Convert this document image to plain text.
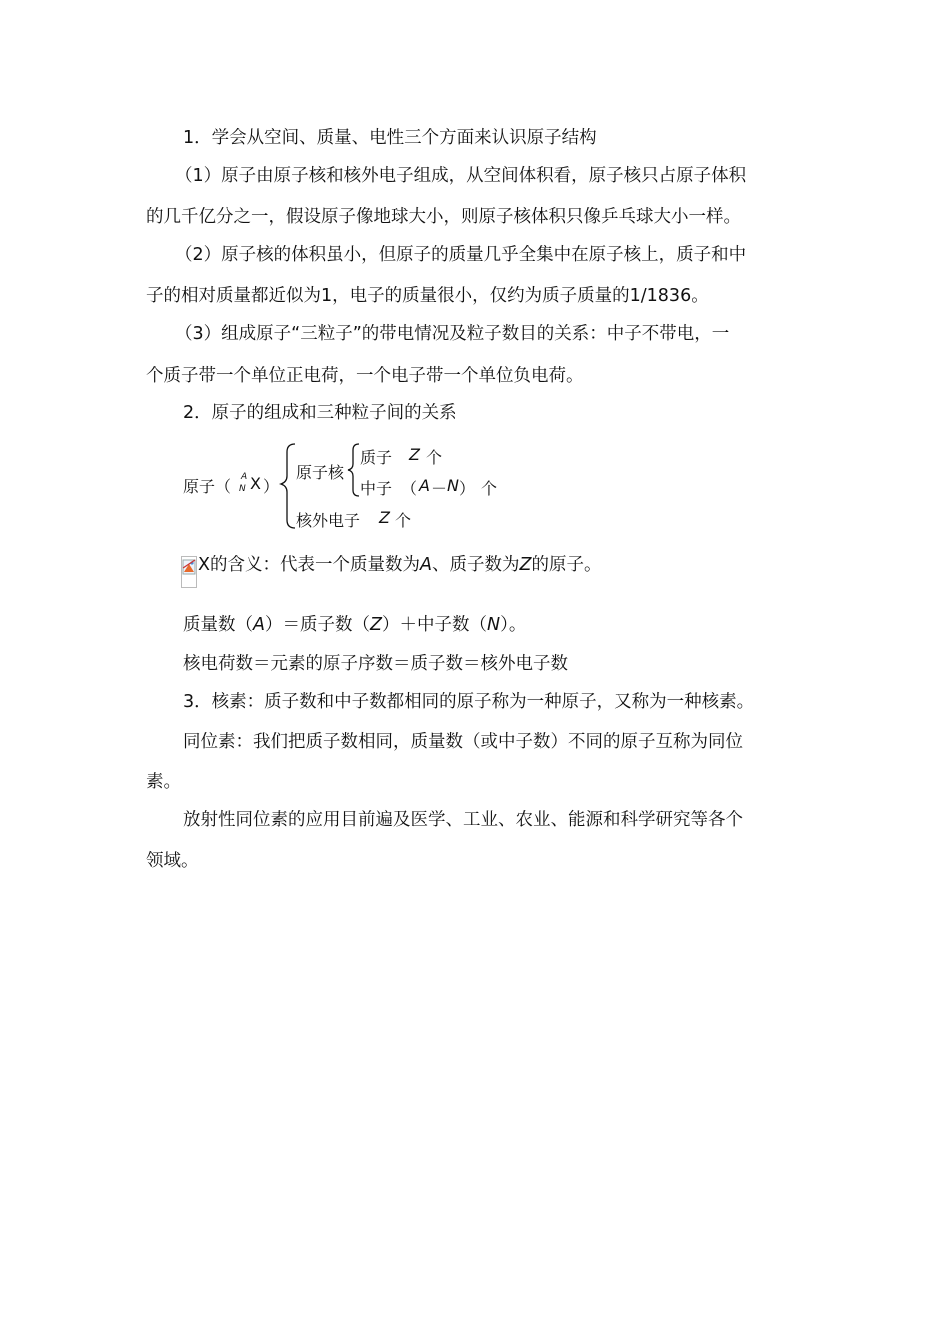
1．学会从空间、质量、电性三个方面来认识原子结构
（1）原子由原子核和核外电子组成，从空间体积看，原子核只占原子体积
的几千亿分之一，假设原子像地球大小，则原子核体积只像乒乓球大小一样。
（2）原子核的体积虽小，但原子的质量几乎全集中在原子核上，质子和中
子的相对质量都近似为1，电子的质量很小，仅约为质子质量的1/1836。
（3）组成原子“三粒子”的带电情况及粒子数目的关系：中子不带电，一
个质子带一个单位正电荷，一个电子带一个单位负电荷。
2．原子的组成和三种粒子间的关系
原子（ A
N X ）
原子核
质子 Z 个
中子 （ A － N ） 个
核外电子 Z 个
X的含义：代表一个质量数为A、质子数为Z的原子。
质量数（A）＝质子数（Z）＋中子数（N）。
核电荷数＝元素的原子序数＝质子数＝核外电子数
3．核素：质子数和中子数都相同的原子称为一种原子，又称为一种核素。
同位素：我们把质子数相同，质量数（或中子数）不同的原子互称为同位
素。
放射性同位素的应用目前遍及医学、工业、农业、能源和科学研究等各个
领域。
